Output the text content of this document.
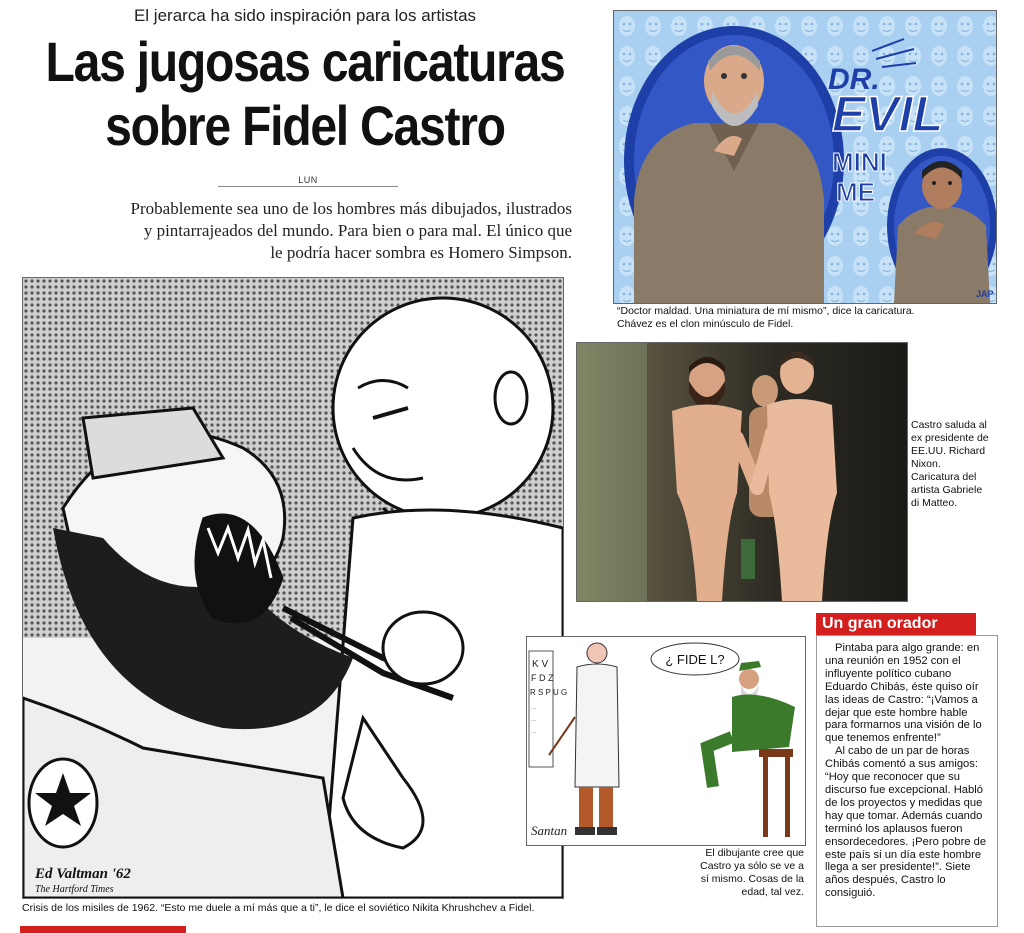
El jerarca ha sido inspiración para los artistas
Las jugosas caricaturas
sobre Fidel Castro
LUN
Probablemente sea uno de los hombres más dibujados, ilustrados
y pintarrajeados del mundo. Para bien o para mal. El único que
le podría hacer sombra es Homero Simpson.
DR.
EVIL
MINI
ME
JAP
“Doctor maldad. Una miniatura de mí mismo”, dice la caricatura.
Chávez es el clon minúsculo de Fidel.
Castro saluda al
ex presidente de
EE.UU. Richard
Nixon.
Caricatura del
artista Gabriele
di Matteo.
Ed Valtman '62
The Hartford Times
Crisis de los misiles de 1962. “Esto me duele a mí más que a ti”, le dice el soviético Nikita Khrushchev a Fidel.
K V
F D Z
R S P U G
...
...
...
¿ FIDE L?
Santan
El dibujante cree que
Castro ya sólo se ve a
sí mismo. Cosas de la
edad, tal vez.
Un gran orador

Pintaba para algo grande: en una reunión en 1952 con el influyente político cubano Eduardo Chibás, éste quiso oír las ideas de Castro: “¡Vamos a dejar que este hombre hable para formarnos una visión de lo que tenemos enfrente!”

Al cabo de un par de horas Chibás comentó a sus amigos: “Hoy que reconocer que su discurso fue excepcional. Habló de los proyectos y medidas que hay que tomar. Además cuando terminó los aplausos fueron ensordecedores. ¡Pero pobre de este país si un día este hombre llega a ser presidente!”. Siete años después, Castro lo consiguió.
